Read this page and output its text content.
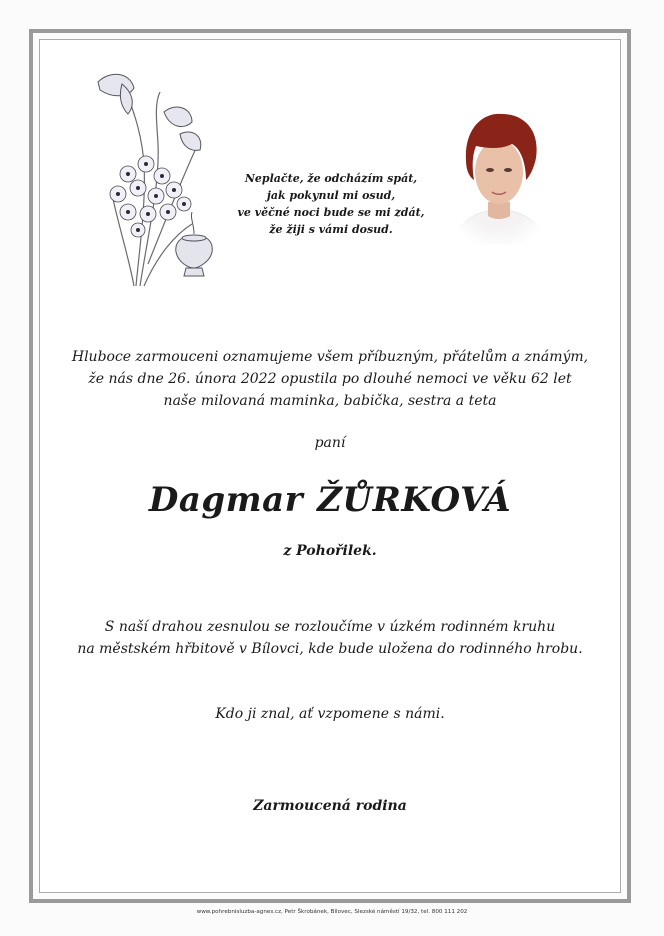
Neplačte, že odcházím spát,
jak pokynul mi osud,
ve věčné noci bude se mi zdát,
že žiji s vámi dosud.
Hluboce zarmouceni oznamujeme všem příbuzným, přátelům a známým,
že nás dne 26. února 2022 opustila po dlouhé nemoci ve věku 62 let
naše milovaná maminka, babička, sestra a teta
paní
Dagmar ŽŮRKOVÁ
z Pohořilek.
S naší drahou zesnulou se rozloučíme v úzkém rodinném kruhu
na městském hřbitově v Bílovci, kde bude uložena do rodinného hrobu.
Kdo ji znal, ať vzpomene s námi.
Zarmoucená rodina
www.pohrebnisluzba-agnes.cz, Petr Škrobánek, Bílovec, Slezské náměstí 19/32, tel. 800 111 202
